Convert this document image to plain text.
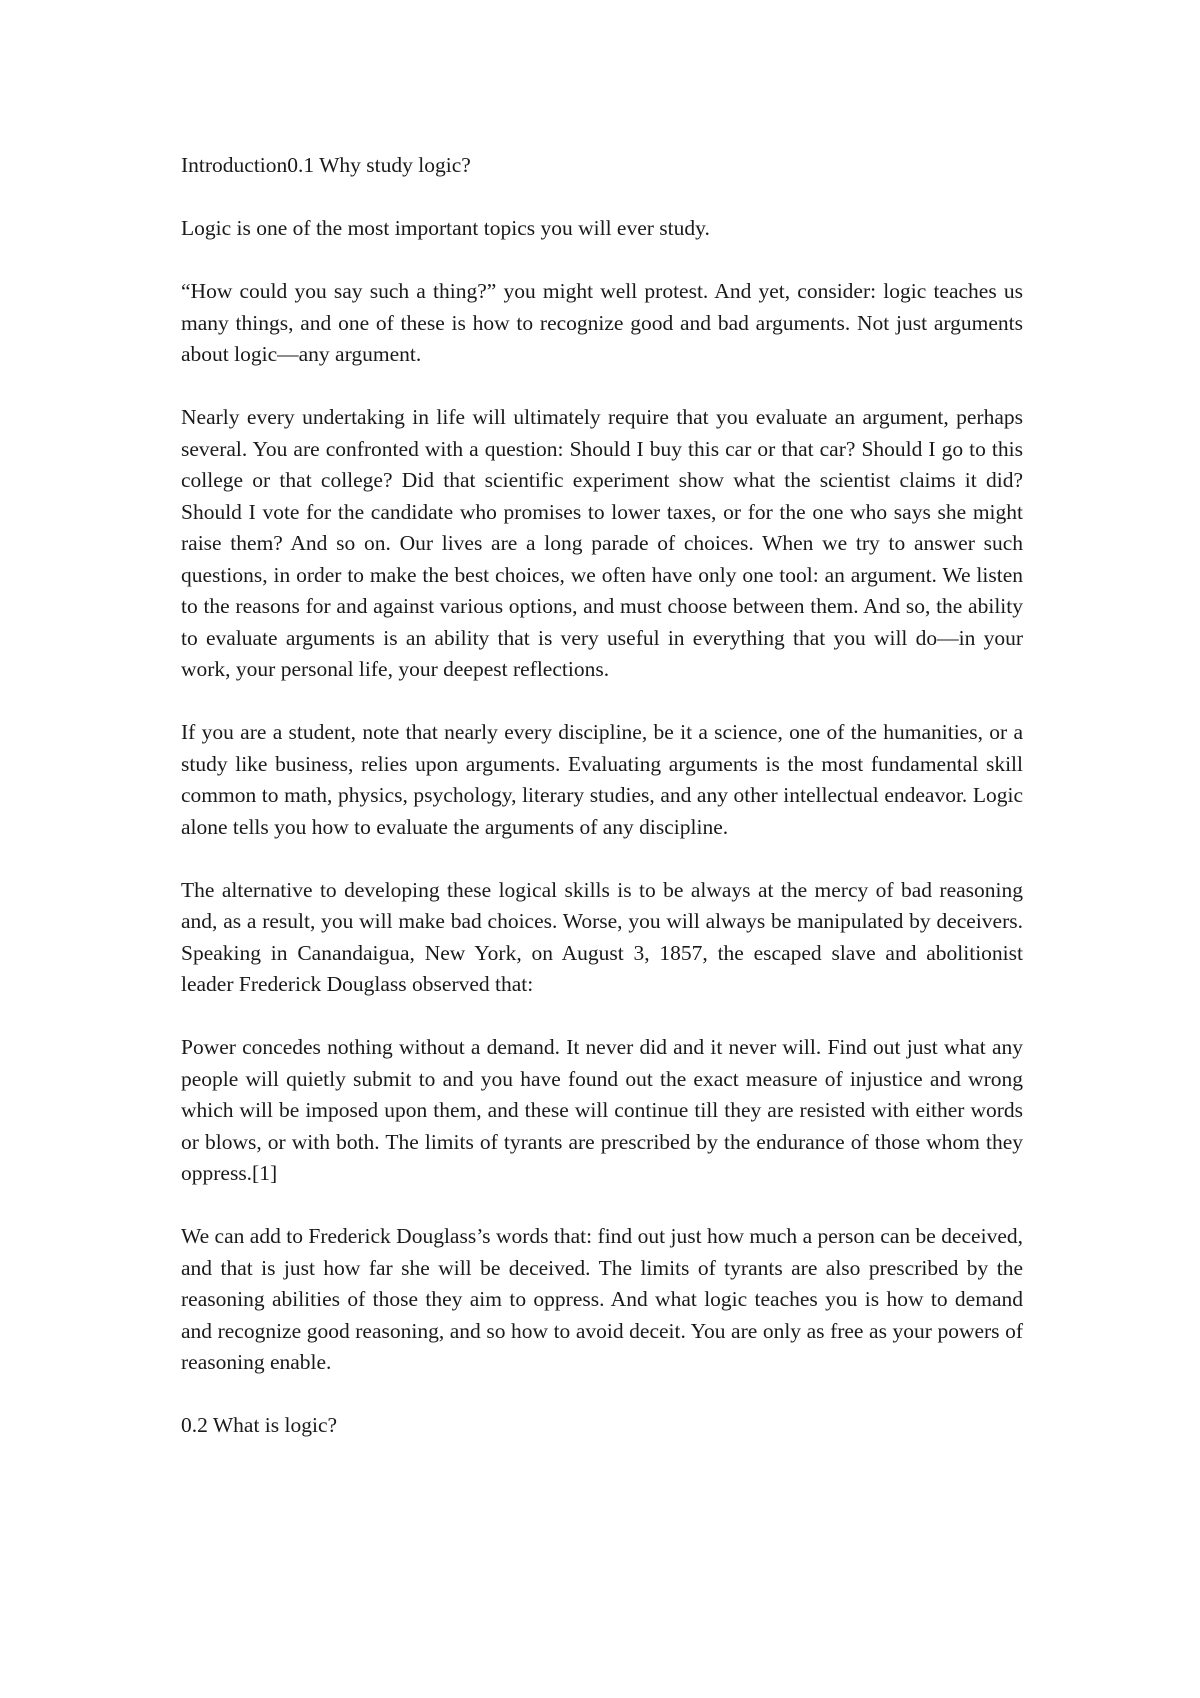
Introduction0.1 Why study logic?

Logic is one of the most important topics you will ever study.

“How could you say such a thing?” you might well protest. And yet, consider: logic teaches us many things, and one of these is how to recognize good and bad arguments. Not just arguments about logic—any argument.

Nearly every undertaking in life will ultimately require that you evaluate an argument, perhaps several. You are confronted with a question: Should I buy this car or that car? Should I go to this college or that college? Did that scientific experiment show what the scientist claims it did? Should I vote for the candidate who promises to lower taxes, or for the one who says she might raise them? And so on. Our lives are a long parade of choices. When we try to answer such questions, in order to make the best choices, we often have only one tool: an argument. We listen to the reasons for and against various options, and must choose between them. And so, the ability to evaluate arguments is an ability that is very useful in everything that you will do—in your work, your personal life, your deepest reflections.

If you are a student, note that nearly every discipline, be it a science, one of the humanities, or a study like business, relies upon arguments. Evaluating arguments is the most fundamental skill common to math, physics, psychology, literary studies, and any other intellectual endeavor. Logic alone tells you how to evaluate the arguments of any discipline.

The alternative to developing these logical skills is to be always at the mercy of bad reasoning and, as a result, you will make bad choices. Worse, you will always be manipulated by deceivers. Speaking in Canandaigua, New York, on August 3, 1857, the escaped slave and abolitionist leader Frederick Douglass observed that:

Power concedes nothing without a demand. It never did and it never will. Find out just what any people will quietly submit to and you have found out the exact measure of injustice and wrong which will be imposed upon them, and these will continue till they are resisted with either words or blows, or with both. The limits of tyrants are prescribed by the endurance of those whom they oppress.[1]

We can add to Frederick Douglass’s words that: find out just how much a person can be deceived, and that is just how far she will be deceived. The limits of tyrants are also prescribed by the reasoning abilities of those they aim to oppress. And what logic teaches you is how to demand and recognize good reasoning, and so how to avoid deceit. You are only as free as your powers of reasoning enable.

0.2 What is logic?
